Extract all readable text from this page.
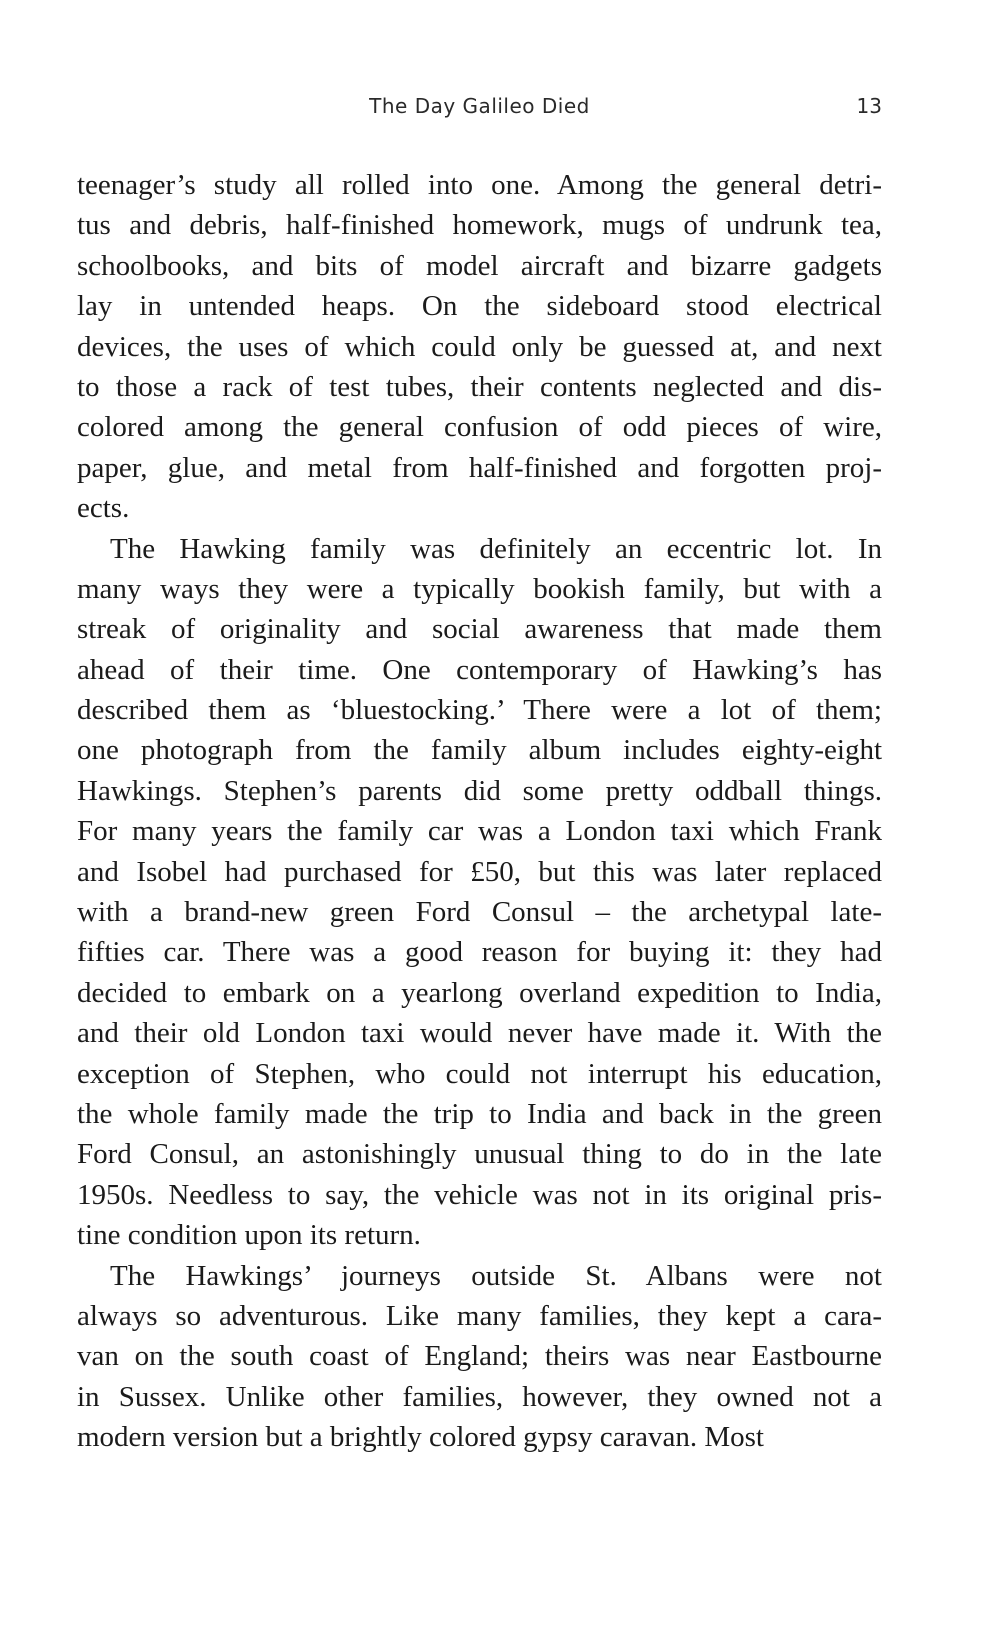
The Day Galileo Died	13
teenager’s study all rolled into one. Among the general detri-
tus and debris, half-finished homework, mugs of undrunk tea,
schoolbooks, and bits of model aircraft and bizarre gadgets
lay in untended heaps. On the sideboard stood electrical
devices, the uses of which could only be guessed at, and next
to those a rack of test tubes, their contents neglected and dis-
colored among the general confusion of odd pieces of wire,
paper, glue, and metal from half-finished and forgotten proj-
ects.
The Hawking family was definitely an eccentric lot. In
many ways they were a typically bookish family, but with a
streak of originality and social awareness that made them
ahead of their time. One contemporary of Hawking’s has
described them as ‘bluestocking.’ There were a lot of them;
one photograph from the family album includes eighty-eight
Hawkings. Stephen’s parents did some pretty oddball things.
For many years the family car was a London taxi which Frank
and Isobel had purchased for £50, but this was later replaced
with a brand-new green Ford Consul – the archetypal late-
fifties car. There was a good reason for buying it: they had
decided to embark on a yearlong overland expedition to India,
and their old London taxi would never have made it. With the
exception of Stephen, who could not interrupt his education,
the whole family made the trip to India and back in the green
Ford Consul, an astonishingly unusual thing to do in the late
1950s. Needless to say, the vehicle was not in its original pris-
tine condition upon its return.
The Hawkings’ journeys outside St. Albans were not
always so adventurous. Like many families, they kept a cara-
van on the south coast of England; theirs was near Eastbourne
in Sussex. Unlike other families, however, they owned not a
modern version but a brightly colored gypsy caravan. Most
